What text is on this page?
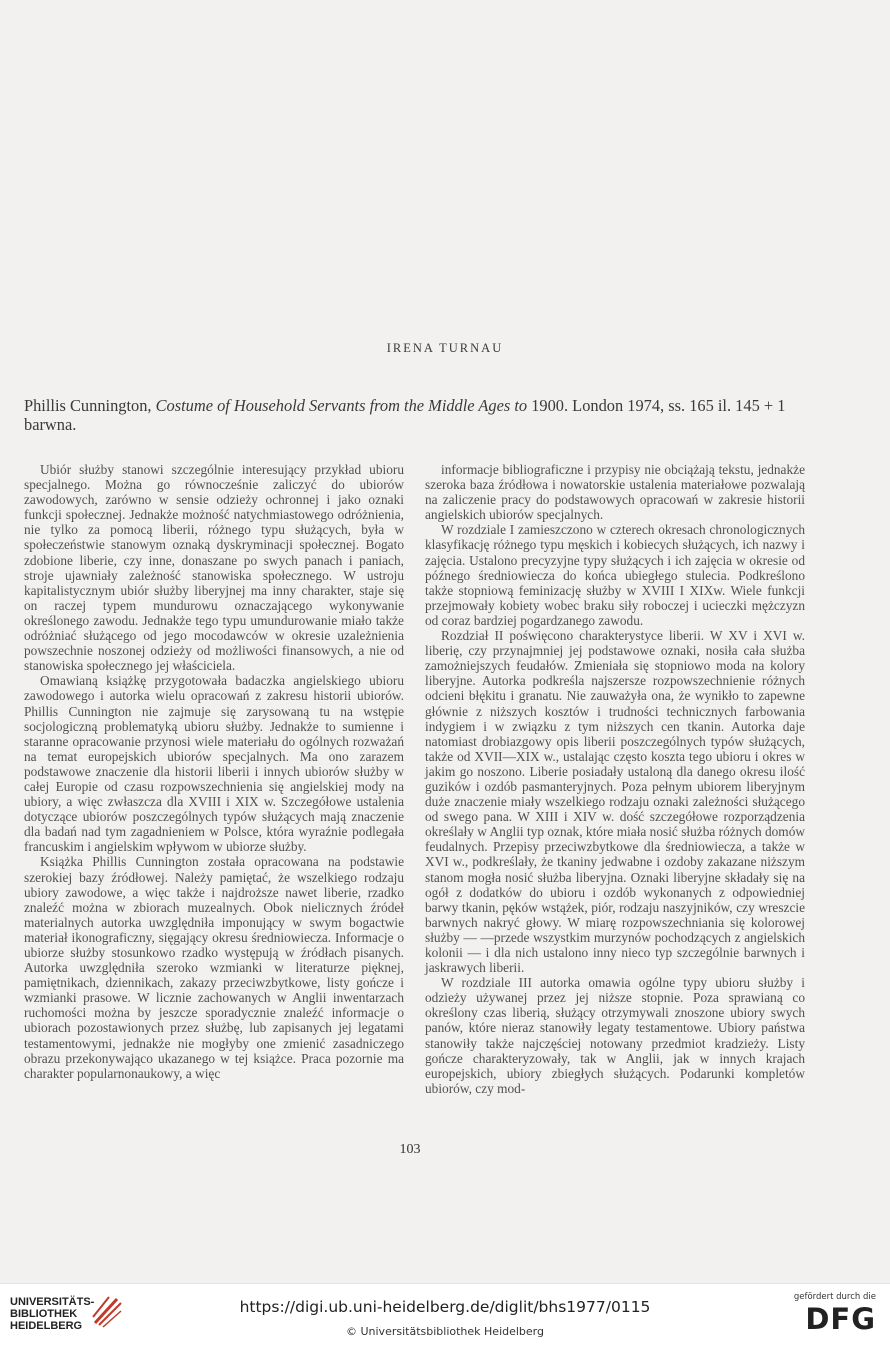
IRENA TURNAU
Phillis Cunnington, Costume of Household Servants from the Middle Ages to 1900. London 1974, ss. 165 il. 145 + 1 barwna.

Ubiór służby stanowi szczególnie interesujący przykład ubioru specjalnego. Można go równocześnie zaliczyć do ubiorów zawodowych, zarówno w sensie odzieży ochronnej i jako oznaki funkcji społecznej. Jednakże możność natychmiastowego odróżnienia, nie tylko za pomocą liberii, różnego typu służących, była w społeczeństwie stanowym oznaką dyskryminacji społecznej. Bogato zdobione liberie, czy inne, donaszane po swych panach i paniach, stroje ujawniały zależność stanowiska społecznego. W ustroju kapitalistycznym ubiór służby liberyjnej ma inny charakter, staje się on raczej typem mundurowu oznaczającego wykonywanie określonego zawodu. Jednakże tego typu umundurowanie miało także odróżniać służącego od jego mocodawców w okresie uzależnienia powszechnie noszonej odzieży od możliwości finansowych, a nie od stanowiska społecznego jej właściciela.

Omawianą książkę przygotowała badaczka angielskiego ubioru zawodowego i autorka wielu opracowań z zakresu historii ubiorów. Phillis Cunnington nie zajmuje się zarysowaną tu na wstępie socjologiczną problematyką ubioru służby. Jednakże to sumienne i staranne opracowanie przynosi wiele materiału do ogólnych rozważań na temat europejskich ubiorów specjalnych. Ma ono zarazem podstawowe znaczenie dla historii liberii i innych ubiorów służby w całej Europie od czasu rozpowszechnienia się angielskiej mody na ubiory, a więc zwłaszcza dla XVIII i XIX w. Szczegółowe ustalenia dotyczące ubiorów poszczególnych typów służących mają znaczenie dla badań nad tym zagadnieniem w Polsce, która wyraźnie podlegała francuskim i angielskim wpływom w ubiorze służby.

Książka Phillis Cunnington została opracowana na podstawie szerokiej bazy źródłowej. Należy pamiętać, że wszelkiego rodzaju ubiory zawodowe, a więc także i najdroższe nawet liberie, rzadko znaleźć można w zbiorach muzealnych. Obok nielicznych źródeł materialnych autorka uwzględniła imponujący w swym bogactwie materiał ikonograficzny, sięgający okresu średniowiecza. Informacje o ubiorze służby stosunkowo rzadko występują w źródłach pisanych. Autorka uwzględniła szeroko wzmianki w literaturze pięknej, pamiętnikach, dziennikach, zakazy przeciwzbytkowe, listy gończe i wzmianki prasowe. W licznie zachowanych w Anglii inwentarzach ruchomości można by jeszcze sporadycznie znaleźć informacje o ubiorach pozostawionych przez służbę, lub zapisanych jej legatami testamentowymi, jednakże nie mogłyby one zmienić zasadniczego obrazu przekonywająco ukazanego w tej książce. Praca pozornie ma charakter popularnonaukowy, a więc

informacje bibliograficzne i przypisy nie obciążają tekstu, jednakże szeroka baza źródłowa i nowatorskie ustalenia materiałowe pozwalają na zaliczenie pracy do podstawowych opracowań w zakresie historii angielskich ubiorów specjalnych.

W rozdziale I zamieszczono w czterech okresach chronologicznych klasyfikację różnego typu męskich i kobiecych służących, ich nazwy i zajęcia. Ustalono precyzyjne typy służących i ich zajęcia w okresie od późnego średniowiecza do końca ubiegłego stulecia. Podkreślono także stopniową feminizację służby w XVIII I XIXw. Wiele funkcji przejmowały kobiety wobec braku siły roboczej i ucieczki mężczyzn od coraz bardziej pogardzanego zawodu.

Rozdział II poświęcono charakterystyce liberii. W XV i XVI w. liberię, czy przynajmniej jej podstawowe oznaki, nosiła cała służba zamożniejszych feudałów. Zmieniała się stopniowo moda na kolory liberyjne. Autorka podkreśla najszersze rozpowszechnienie różnych odcieni błękitu i granatu. Nie zauważyła ona, że wynikło to zapewne głównie z niższych kosztów i trudności technicznych farbowania indygiem i w związku z tym niższych cen tkanin. Autorka daje natomiast drobiazgowy opis liberii poszczególnych typów służących, także od XVII—XIX w., ustalając często koszta tego ubioru i okres w jakim go noszono. Liberie posiadały ustaloną dla danego okresu ilość guzików i ozdób pasmanteryjnych. Poza pełnym ubiorem liberyjnym duże znaczenie miały wszelkiego rodzaju oznaki zależności służącego od swego pana. W XIII i XIV w. dość szczegółowe rozporządzenia określały w Anglii typ oznak, które miała nosić służba różnych domów feudalnych. Przepisy przeciwzbytkowe dla średniowiecza, a także w XVI w., podkreślały, że tkaniny jedwabne i ozdoby zakazane niższym stanom mogła nosić służba liberyjna. Oznaki liberyjne składały się na ogół z dodatków do ubioru i ozdób wykonanych z odpowiedniej barwy tkanin, pęków wstążek, piór, rodzaju naszyjników, czy wreszcie barwnych nakryć głowy. W miarę rozpowszechniania się kolorowej służby — —przede wszystkim murzynów pochodzących z angielskich kolonii — i dla nich ustalono inny nieco typ szczególnie barwnych i jaskrawych liberii.

W rozdziale III autorka omawia ogólne typy ubioru służby i odzieży używanej przez jej niższe stopnie. Poza sprawianą co określony czas liberią, służący otrzymywali znoszone ubiory swych panów, które nieraz stanowiły legaty testamentowe. Ubiory państwa stanowiły także najczęściej notowany przedmiot kradzieży. Listy gończe charakteryzowały, tak w Anglii, jak w innych krajach europejskich, ubiory zbiegłych służących. Podarunki kompletów ubiorów, czy mod-

103
UNIVERSITÄTS-
BIBLIOTHEK
HEIDELBERG
https://digi.ub.uni-heidelberg.de/diglit/bhs1977/0115
© Universitätsbibliothek Heidelberg
gefördert durch die
DFG
